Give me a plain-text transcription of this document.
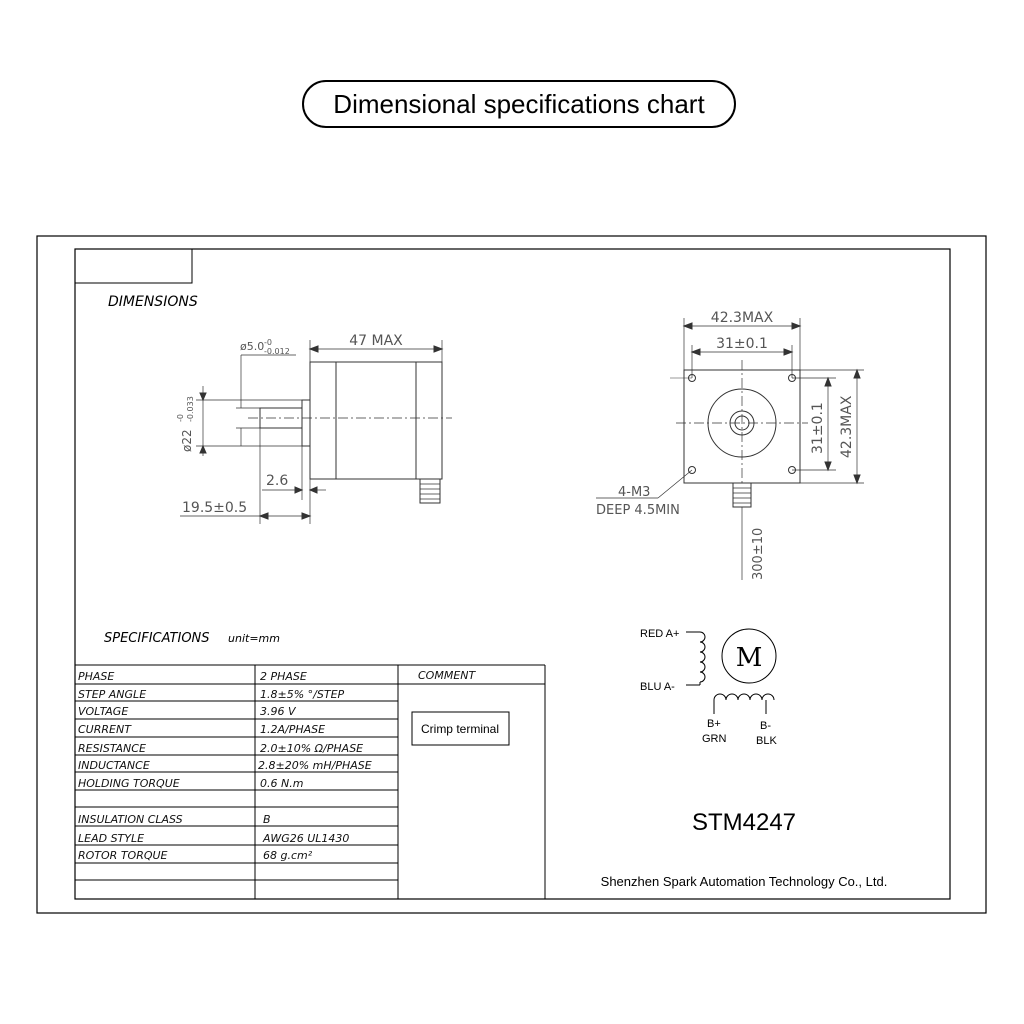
Dimensional specifications chart
DIMENSIONS
47 MAX
ø5.0 -0
-0.012
ø22
-0 -0.033
2.6
19.5±0.5
42.3MAX
31±0.1
31±0.1 42.3MAX
4-M3
DEEP 4.5MIN
300±10
SPECIFICATIONS unit=mm
PHASE	2 PHASE
STEP ANGLE	1.8±5% °/STEP
VOLTAGE	3.96 V
CURRENT	1.2A/PHASE
RESISTANCE	2.0±10% Ω/PHASE
INDUCTANCE	2.8±20% mH/PHASE
HOLDING TORQUE	0.6 N.m
INSULATION CLASS	B
LEAD STYLE	AWG26 UL1430
ROTOR TORQUE	68 g.cm²
COMMENT
Crimp terminal
M
RED A+
BLU A-
B+
GRN
B-
BLK
STM4247
Shenzhen Spark Automation Technology Co., Ltd.
